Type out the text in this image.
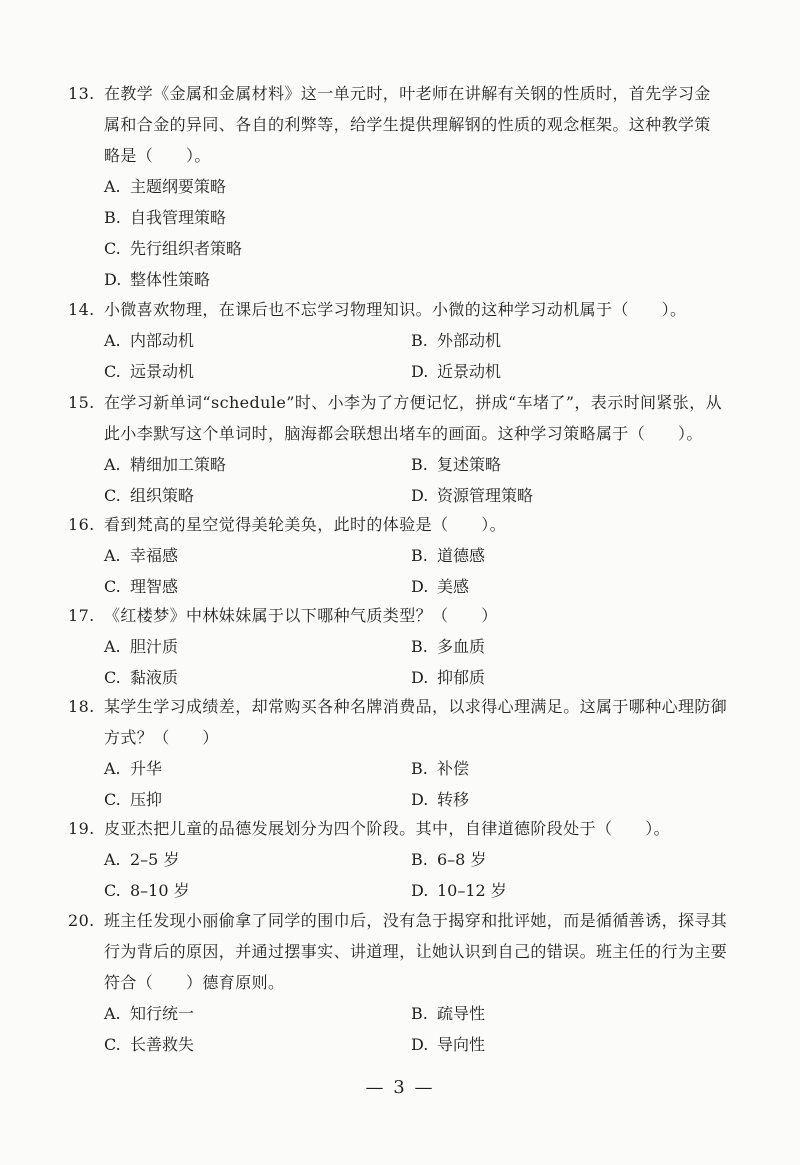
13. 在教学《金属和金属材料》这一单元时，叶老师在讲解有关钢的性质时，首先学习金
属和合金的异同、各自的利弊等，给学生提供理解钢的性质的观念框架。这种教学策
略是（　　）。
A. 主题纲要策略
B. 自我管理策略
C. 先行组织者策略
D. 整体性策略
14. 小微喜欢物理，在课后也不忘学习物理知识。小微的这种学习动机属于（　　）。
A. 内部动机	B. 外部动机
C. 远景动机	D. 近景动机
15. 在学习新单词“schedule”时、小李为了方便记忆，拼成“车堵了”，表示时间紧张，从
此小李默写这个单词时，脑海都会联想出堵车的画面。这种学习策略属于（　　）。
A. 精细加工策略	B. 复述策略
C. 组织策略	D. 资源管理策略
16. 看到梵高的星空觉得美轮美奂，此时的体验是（　　）。
A. 幸福感	B. 道德感
C. 理智感	D. 美感
17. 《红楼梦》中林妹妹属于以下哪种气质类型？（　　）
A. 胆汁质	B. 多血质
C. 黏液质	D. 抑郁质
18. 某学生学习成绩差，却常购买各种名牌消费品，以求得心理满足。这属于哪种心理防御
方式？（　　）
A. 升华	B. 补偿
C. 压抑	D. 转移
19. 皮亚杰把儿童的品德发展划分为四个阶段。其中，自律道德阶段处于（　　）。
A. 2–5 岁	B. 6–8 岁
C. 8–10 岁	D. 10–12 岁
20. 班主任发现小丽偷拿了同学的围巾后，没有急于揭穿和批评她，而是循循善诱，探寻其
行为背后的原因，并通过摆事实、讲道理，让她认识到自己的错误。班主任的行为主要
符合（　　）德育原则。
A. 知行统一	B. 疏导性
C. 长善救失	D. 导向性
— 3 —
